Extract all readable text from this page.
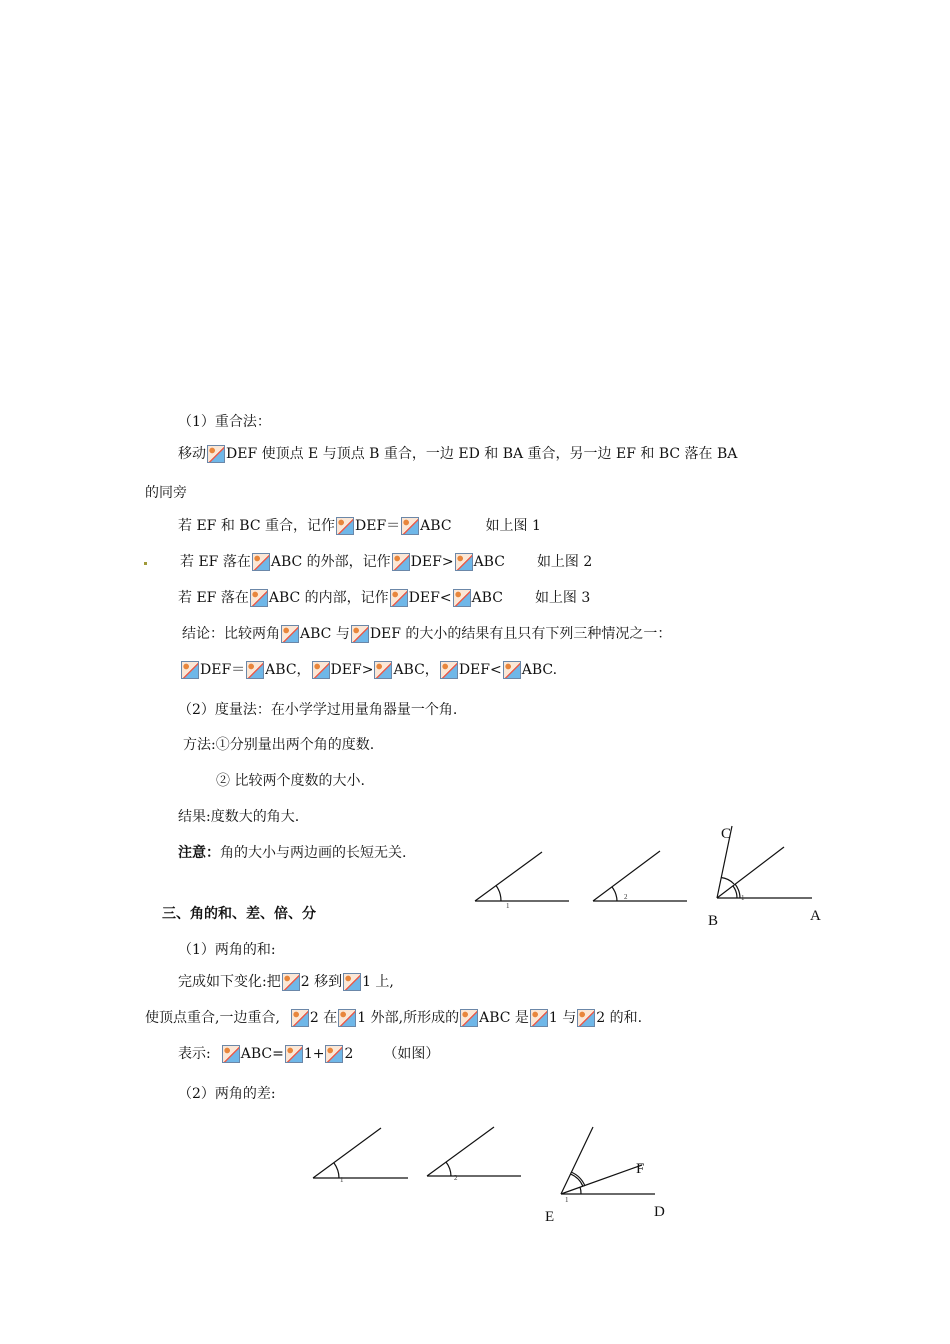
（1）重合法：
移动 DEF 使顶点 E 与顶点 B 重合，一边 ED 和 BA 重合，另一边 EF 和 BC 落在 BA
的同旁
若 EF 和 BC 重合，记作 DEF＝ ABC 如上图 1
若 EF 落在 ABC 的外部，记作 DEF> ABC 如上图 2
若 EF 落在 ABC 的内部，记作 DEF< ABC 如上图 3
结论：比较两角 ABC 与 DEF 的大小的结果有且只有下列三种情况之一：
DEF＝ ABC， DEF> ABC， DEF< ABC.
（2）度量法：在小学学过用量角器量一个角.
方法:①分别量出两个角的度数.
② 比较两个度数的大小.
结果:度数大的角大.
注意：角的大小与两边画的长短无关.
三、角的和、差、倍、分
（1）两角的和:
完成如下变化:把 2 移到 1 上,
使顶点重合,一边重合, 2 在 1 外部,所形成的 ABC 是 1 与 2 的和.
表示: ABC= 1+ 2 （如图）
（2）两角的差:
1
2	1
C
B	A
1	2
1
F
E	D
